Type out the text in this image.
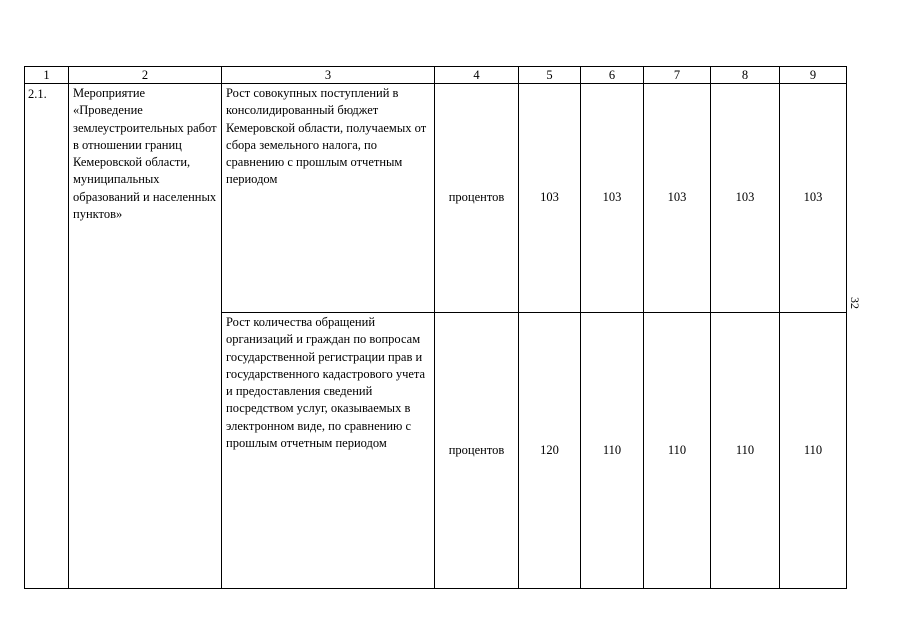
1	2	3	4	5	6	7	8	9
2.1.	Мероприятие «Проведение землеустроительных работ в отношении границ Кемеровской области, муниципальных образований и населенных пунктов»	Рост совокупных поступлений в консолидированный бюджет Кемеровской области, получаемых от сбора земельного налога, по сравнению с прошлым отчетным периодом	процентов	103	103	103	103	103
		Рост количества обращений организаций и граждан по вопросам государственной регистрации прав и государственного кадастрового учета и предоставления сведений посредством услуг, оказываемых в электронном виде, по сравнению с прошлым отчетным периодом	процентов	120	110	110	110	110
32
